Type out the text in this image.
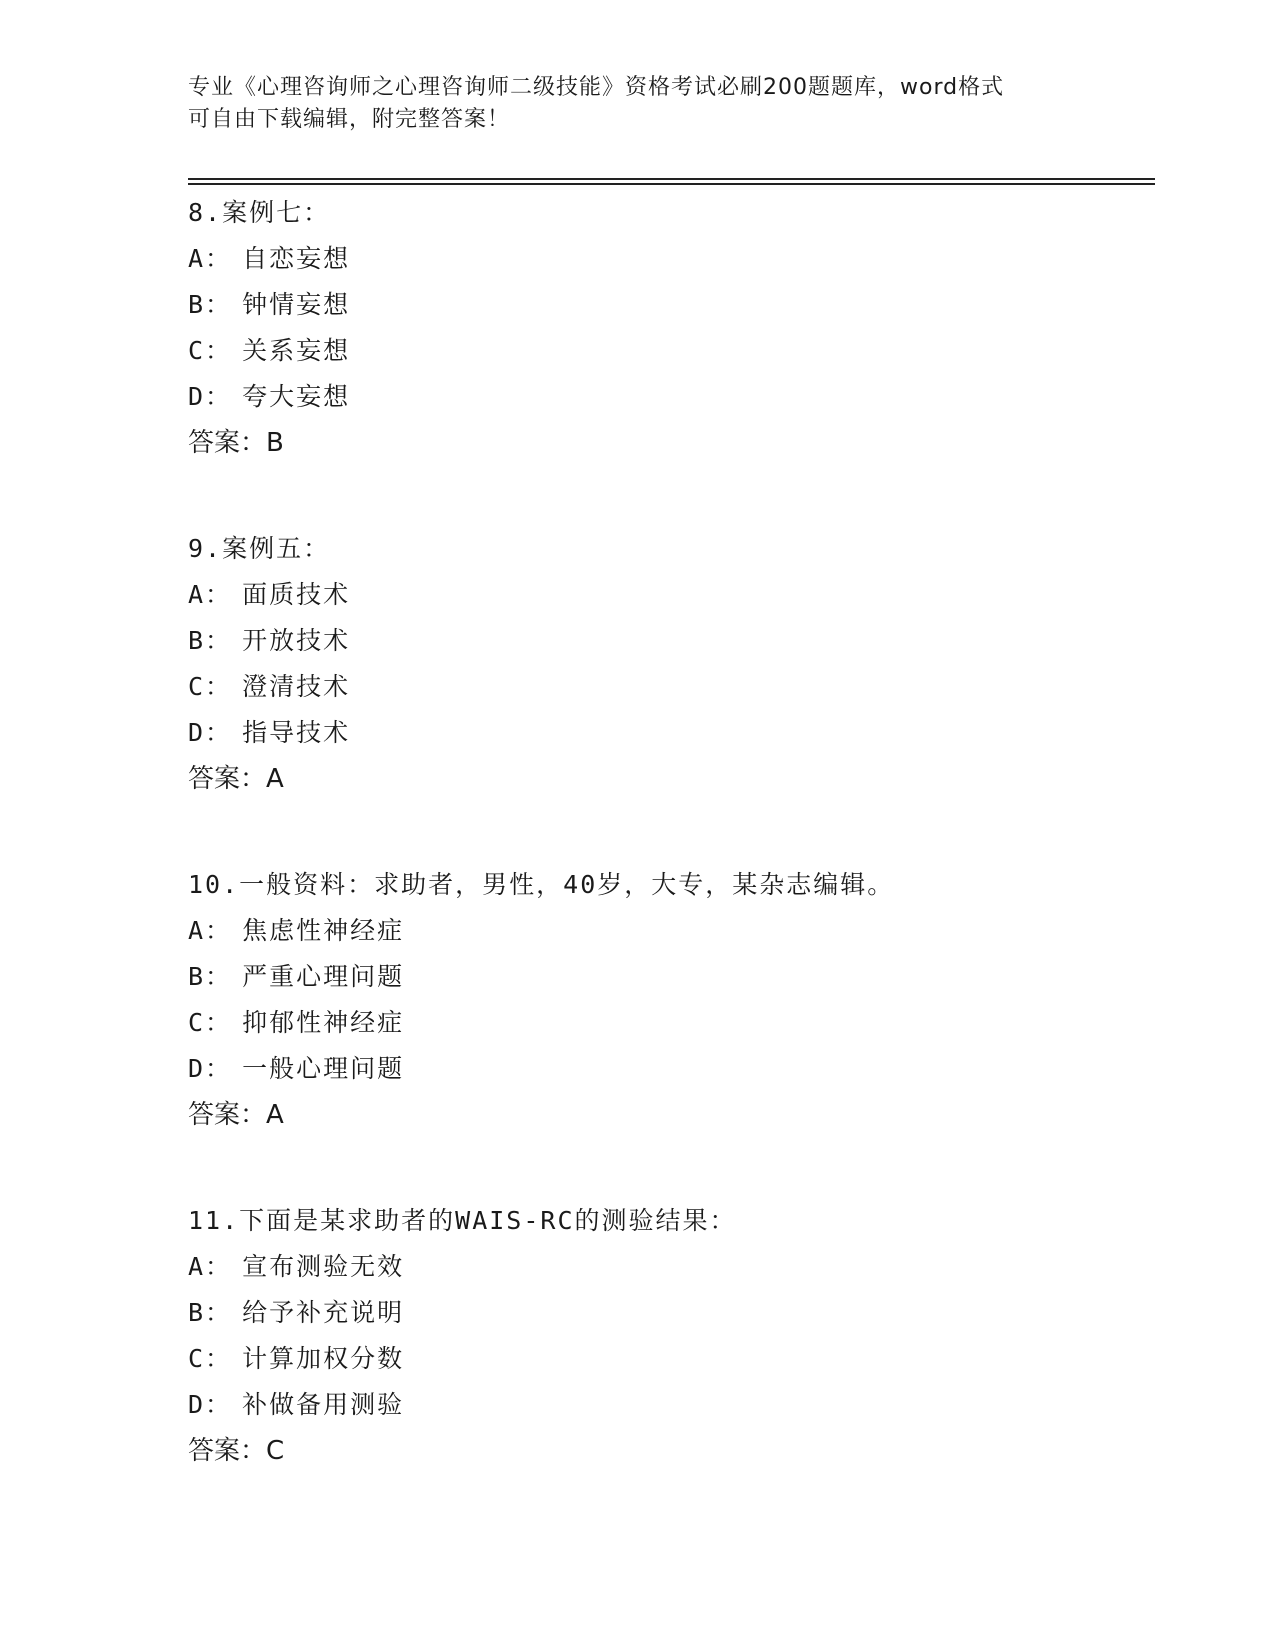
专业《心理咨询师之心理咨询师二级技能》资格考试必刷200题题库，word格式
可自由下载编辑，附完整答案！
8.案例七：
A： 自恋妄想
B： 钟情妄想
C： 关系妄想
D： 夸大妄想
答案：B
9.案例五：
A： 面质技术
B： 开放技术
C： 澄清技术
D： 指导技术
答案：A
10.一般资料：求助者，男性，40岁，大专，某杂志编辑。
A： 焦虑性神经症
B： 严重心理问题
C： 抑郁性神经症
D： 一般心理问题
答案：A
11.下面是某求助者的WAIS-RC的测验结果：
A： 宣布测验无效
B： 给予补充说明
C： 计算加权分数
D： 补做备用测验
答案：C
